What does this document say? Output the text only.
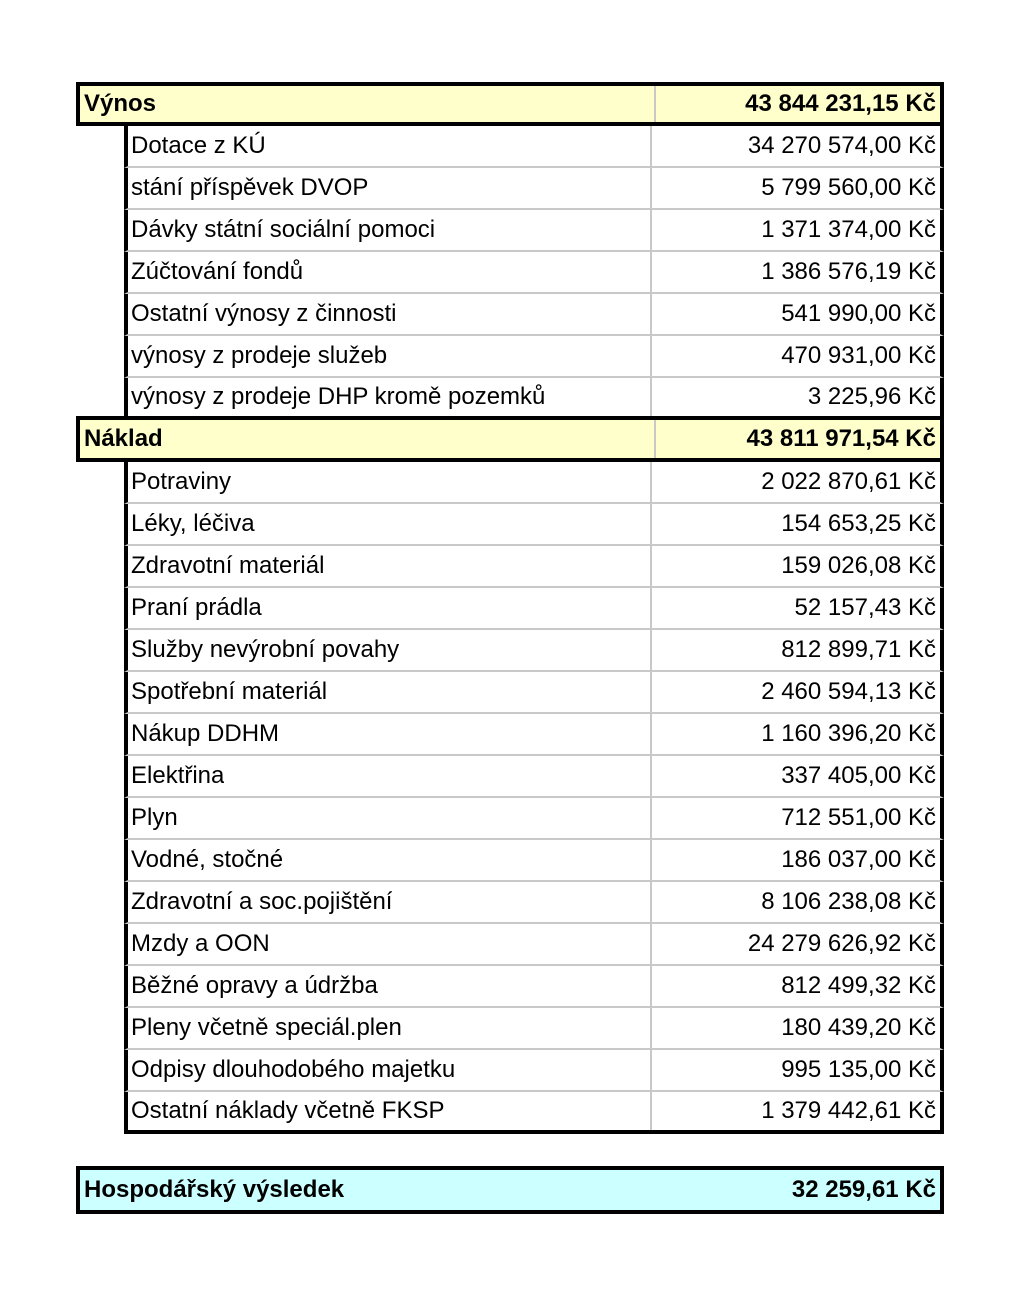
Výnos	43 844 231,15 Kč
Dotace z KÚ	34 270 574,00 Kč
stání příspěvek DVOP	5 799 560,00 Kč
Dávky státní sociální pomoci	1 371 374,00 Kč
Zúčtování fondů	1 386 576,19 Kč
Ostatní výnosy z činnosti	541 990,00 Kč
výnosy z prodeje služeb	470 931,00 Kč
výnosy z prodeje DHP kromě pozemků	3 225,96 Kč
Náklad	43 811 971,54 Kč
Potraviny	2 022 870,61 Kč
Léky, léčiva	154 653,25 Kč
Zdravotní materiál	159 026,08 Kč
Praní prádla	52 157,43 Kč
Služby nevýrobní povahy	812 899,71 Kč
Spotřební materiál	2 460 594,13 Kč
Nákup DDHM	1 160 396,20 Kč
Elektřina	337 405,00 Kč
Plyn	712 551,00 Kč
Vodné, stočné	186 037,00 Kč
Zdravotní a soc.pojištění	8 106 238,08 Kč
Mzdy a OON	24 279 626,92 Kč
Běžné opravy a údržba	812 499,32 Kč
Pleny včetně speciál.plen	180 439,20 Kč
Odpisy dlouhodobého majetku	995 135,00 Kč
Ostatní náklady včetně FKSP	1 379 442,61 Kč
Hospodářský výsledek	32 259,61 Kč
